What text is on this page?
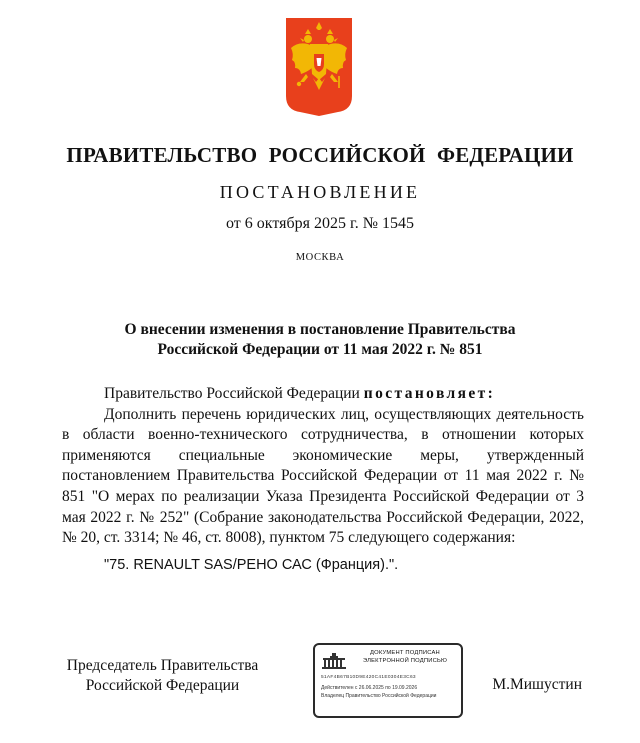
ПРАВИТЕЛЬСТВО РОССИЙСКОЙ ФЕДЕРАЦИИ
ПОСТАНОВЛЕНИЕ
от 6 октября 2025 г. № 1545
МОСКВА
О внесении изменения в постановление Правительства
Российской Федерации от 11 мая 2022 г. № 851
Правительство Российской Федерации постановляет:

Дополнить перечень юридических лиц, осуществляющих деятельность в области военно-технического сотрудничества, в отношении которых применяются специальные экономические меры, утвержденный постановлением Правительства Российской Федерации от 11 мая 2022 г. № 851 "О мерах по реализации Указа Президента Российской Федерации от 3 мая 2022 г. № 252" (Собрание законодательства Российской Федерации, 2022, № 20, ст. 3314; № 46, ст. 8008), пунктом 75 следующего содержания:

"75. RENAULT SAS/РЕНО САС (Франция).".

Председатель Правительства
Российской Федерации
ДОКУМЕНТ ПОДПИСАН
ЭЛЕКТРОННОЙ ПОДПИСЬЮ
51AF4B67B10D9E420C41E0304E3C63
Действителен с 26.06.2025 по 19.09.2026
Владелец Правительство Российской Федерации
М.Мишустин
